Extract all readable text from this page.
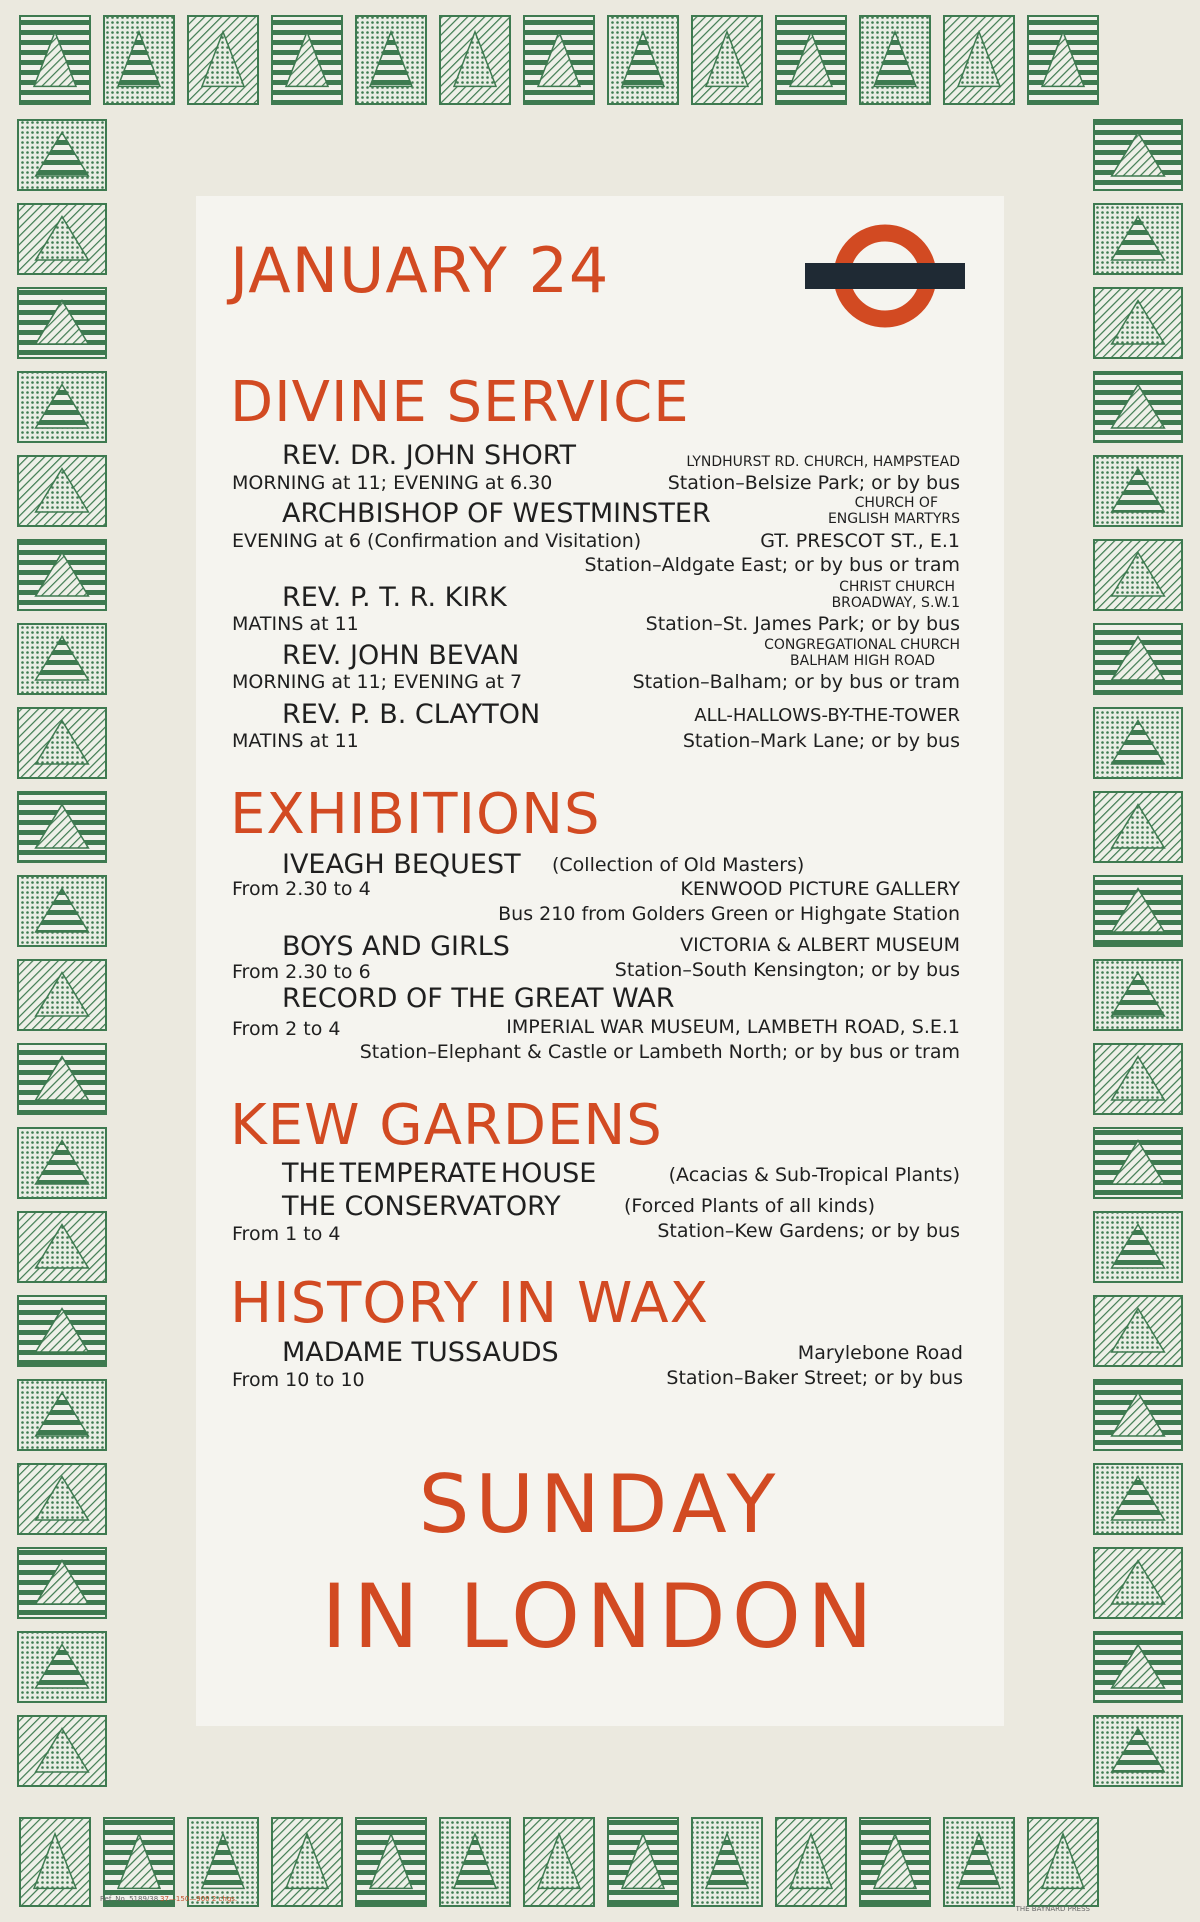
JANUARY 24
DIVINE SERVICE
REV. DR. JOHN SHORT	LYNDHURST RD. CHURCH, HAMPSTEAD
MORNING at 11; EVENING at 6.30	Station–Belsize Park; or by bus
ARCHBISHOP OF WESTMINSTER	CHURCH OF
ENGLISH MARTYRS
EVENING at 6 (Confirmation and Visitation)	GT. PRESCOT ST., E.1
Station–Aldgate East; or by bus or tram
REV. P. T. R. KIRK	CHRIST CHURCH
BROADWAY, S.W.1
MATINS at 11	Station–St. James Park; or by bus
REV. JOHN BEVAN	CONGREGATIONAL CHURCH
BALHAM HIGH ROAD
MORNING at 11; EVENING at 7	Station–Balham; or by bus or tram
REV. P. B. CLAYTON	ALL-HALLOWS-BY-THE-TOWER
MATINS at 11	Station–Mark Lane; or by bus
EXHIBITIONS
IVEAGH BEQUEST (Collection of Old Masters)
From 2.30 to 4	KENWOOD PICTURE GALLERY
Bus 210 from Golders Green or Highgate Station
BOYS AND GIRLS	VICTORIA & ALBERT MUSEUM
From 2.30 to 6	Station–South Kensington; or by bus
RECORD OF THE GREAT WAR
From 2 to 4	IMPERIAL WAR MUSEUM, LAMBETH ROAD, S.E.1
Station–Elephant & Castle or Lambeth North; or by bus or tram
KEW GARDENS
THE TEMPERATE HOUSE	(Acacias & Sub-Tropical Plants)
THE CONSERVATORY	(Forced Plants of all kinds)
From 1 to 4	Station–Kew Gardens; or by bus
HISTORY IN WAX
MADAME TUSSAUDS	Marylebone Road
From 10 to 10	Station–Baker Street; or by bus
SUNDAY
IN LONDON
Ref. No. 5189/38 37—150—900 2 chgs.
THE BAYNARD PRESS
